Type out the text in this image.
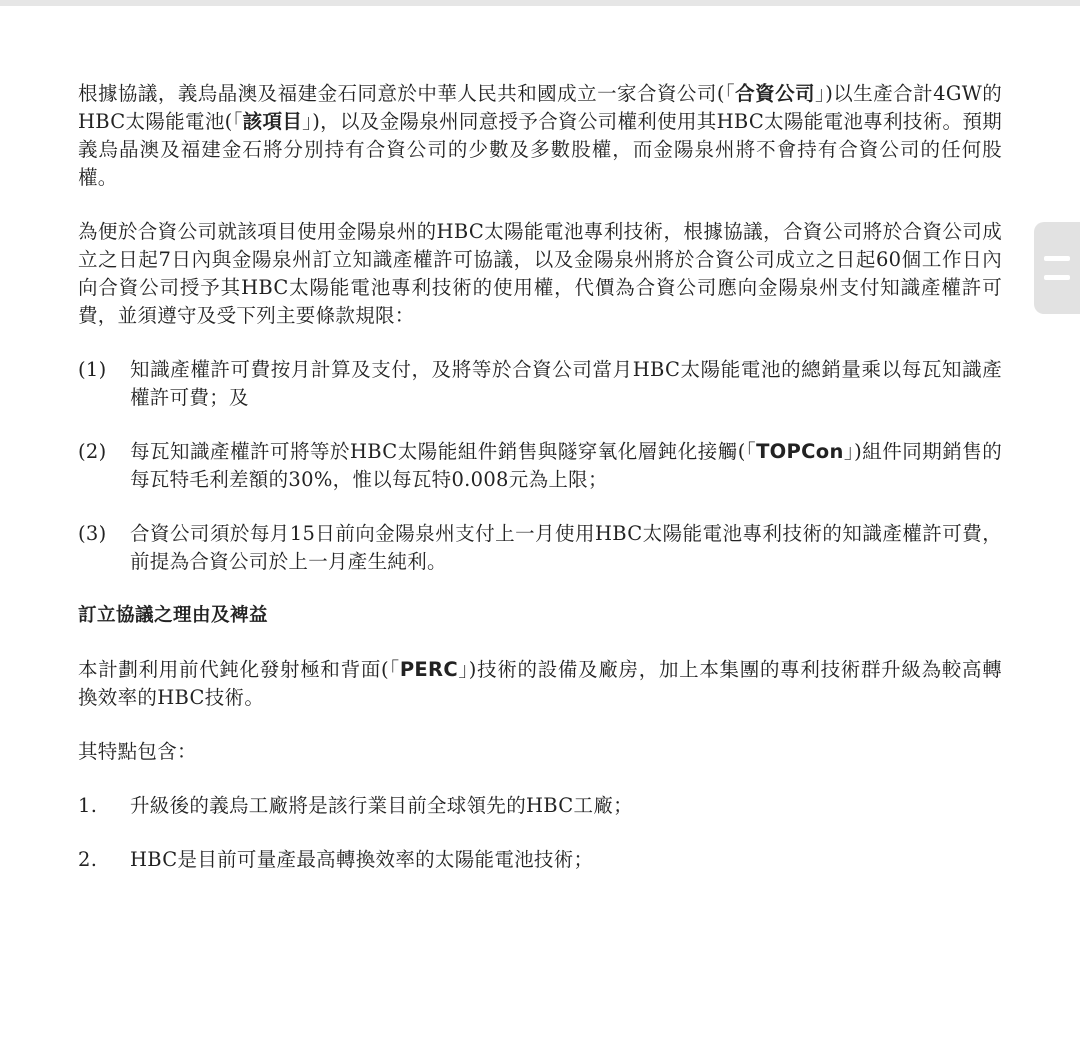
根據協議，義烏晶澳及福建金石同意於中華人民共和國成立一家合資公司(「合資公司」)以生產合計4GW的HBC太陽能電池(「該項目」)，以及金陽泉州同意授予合資公司權利使用其HBC太陽能電池專利技術。預期義烏晶澳及福建金石將分別持有合資公司的少數及多數股權，而金陽泉州將不會持有合資公司的任何股權。

為便於合資公司就該項目使用金陽泉州的HBC太陽能電池專利技術，根據協議，合資公司將於合資公司成立之日起7日內與金陽泉州訂立知識產權許可協議，以及金陽泉州將於合資公司成立之日起60個工作日內向合資公司授予其HBC太陽能電池專利技術的使用權，代價為合資公司應向金陽泉州支付知識產權許可費，並須遵守及受下列主要條款規限：

(1)	知識產權許可費按月計算及支付，及將等於合資公司當月HBC太陽能電池的總銷量乘以每瓦知識產權許可費；及
(2)	每瓦知識產權許可將等於HBC太陽能組件銷售與隧穿氧化層鈍化接觸(「TOPCon」)組件同期銷售的每瓦特毛利差額的30%，惟以每瓦特0.008元為上限；
(3)	合資公司須於每月15日前向金陽泉州支付上一月使用HBC太陽能電池專利技術的知識產權許可費，前提為合資公司於上一月產生純利。
訂立協議之理由及裨益

本計劃利用前代鈍化發射極和背面(「PERC」)技術的設備及廠房，加上本集團的專利技術群升級為較高轉換效率的HBC技術。

其特點包含：

1.	升級後的義烏工廠將是該行業目前全球領先的HBC工廠；
2.	HBC是目前可量產最高轉換效率的太陽能電池技術；
